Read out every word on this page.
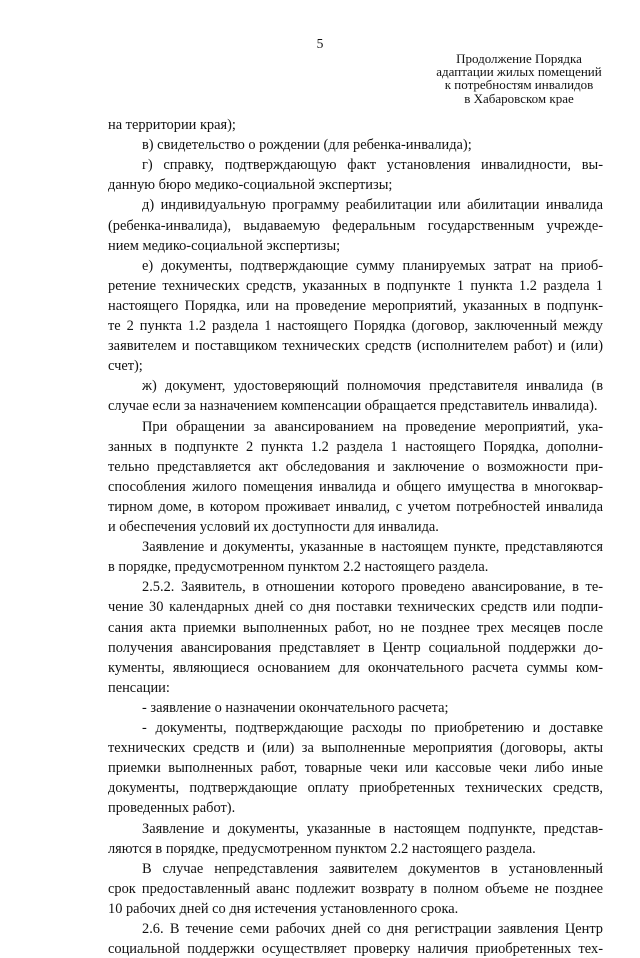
5
Продолжение Порядка
адаптации жилых помещений
к потребностям инвалидов
в Хабаровском крае
на территории края);
в) свидетельство о рождении (для ребенка-инвалида);
г) справку, подтверждающую факт установления инвалидности, вы-
данную бюро медико-социальной экспертизы;
д) индивидуальную программу реабилитации или абилитации инвалида
(ребенка-инвалида), выдаваемую федеральным государственным учрежде-
нием медико-социальной экспертизы;
е) документы, подтверждающие сумму планируемых затрат на приоб-
ретение технических средств, указанных в подпункте 1 пункта 1.2 раздела 1
настоящего Порядка, или на проведение мероприятий, указанных в подпунк-
те 2 пункта 1.2 раздела 1 настоящего Порядка (договор, заключенный между
заявителем и поставщиком технических средств (исполнителем работ) и (или)
счет);
ж) документ, удостоверяющий полномочия представителя инвалида (в
случае если за назначением компенсации обращается представитель инвалида).
При обращении за авансированием на проведение мероприятий, ука-
занных в подпункте 2 пункта 1.2 раздела 1 настоящего Порядка, дополни-
тельно представляется акт обследования и заключение о возможности при-
способления жилого помещения инвалида и общего имущества в многоквар-
тирном доме, в котором проживает инвалид, с учетом потребностей инвалида
и обеспечения условий их доступности для инвалида.
Заявление и документы, указанные в настоящем пункте, представляются
в порядке, предусмотренном пунктом 2.2 настоящего раздела.
2.5.2. Заявитель, в отношении которого проведено авансирование, в те-
чение 30 календарных дней со дня поставки технических средств или подпи-
сания акта приемки выполненных работ, но не позднее трех месяцев после
получения авансирования представляет в Центр социальной поддержки до-
кументы, являющиеся основанием для окончательного расчета суммы ком-
пенсации:
- заявление о назначении окончательного расчета;
- документы, подтверждающие расходы по приобретению и доставке
технических средств и (или) за выполненные мероприятия (договоры, акты
приемки выполненных работ, товарные чеки или кассовые чеки либо иные
документы, подтверждающие оплату приобретенных технических средств,
проведенных работ).
Заявление и документы, указанные в настоящем подпункте, представ-
ляются в порядке, предусмотренном пунктом 2.2 настоящего раздела.
В случае непредставления заявителем документов в установленный
срок предоставленный аванс подлежит возврату в полном объеме не позднее
10 рабочих дней со дня истечения установленного срока.
2.6. В течение семи рабочих дней со дня регистрации заявления Центр
социальной поддержки осуществляет проверку наличия приобретенных тех-
